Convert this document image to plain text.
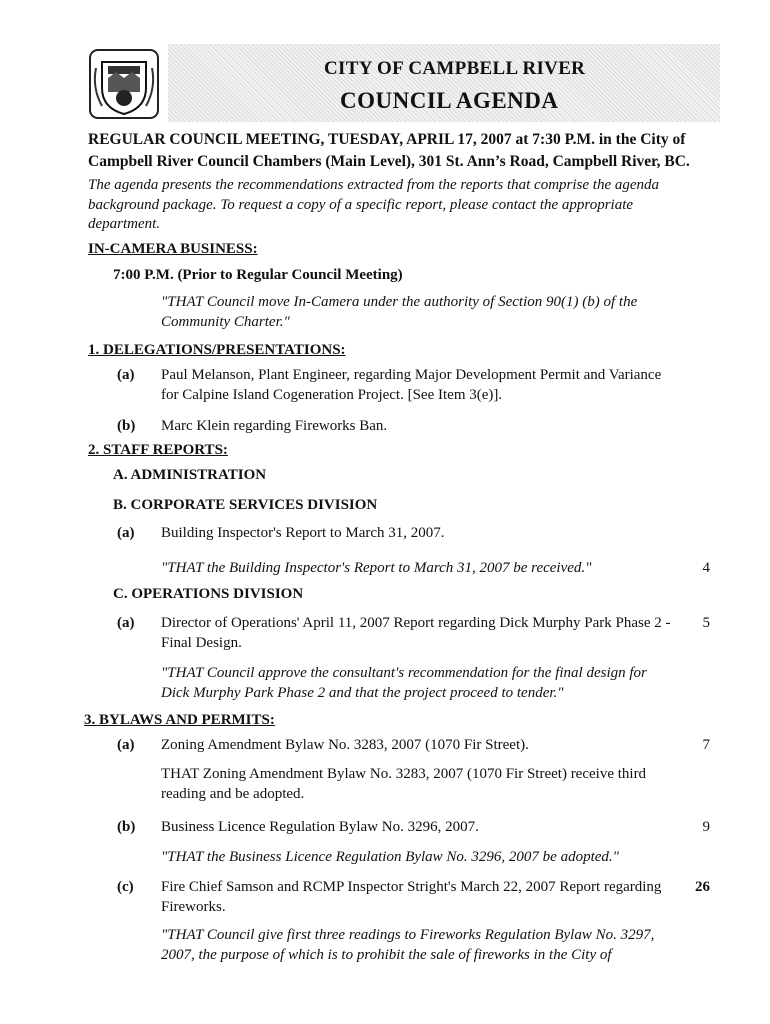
CITY OF CAMPBELL RIVER
COUNCIL AGENDA
REGULAR COUNCIL MEETING, TUESDAY, APRIL 17, 2007 at 7:30 P.M. in the City of
Campbell River Council Chambers (Main Level), 301 St. Ann’s Road, Campbell River, BC.
The agenda presents the recommendations extracted from the reports that comprise the agenda
background package. To request a copy of a specific report, please contact the appropriate
department.
IN-CAMERA BUSINESS:
7:00 P.M. (Prior to Regular Council Meeting)
"THAT Council move In-Camera under the authority of Section 90(1) (b) of the
Community Charter."
1. DELEGATIONS/PRESENTATIONS:
(a) Paul Melanson, Plant Engineer, regarding Major Development Permit and Variance
for Calpine Island Cogeneration Project. [See Item 3(e)].
(b) Marc Klein regarding Fireworks Ban.
2. STAFF REPORTS:
A. ADMINISTRATION
B. CORPORATE SERVICES DIVISION
(a) Building Inspector's Report to March 31, 2007.
"THAT the Building Inspector's Report to March 31, 2007 be received."	4
C. OPERATIONS DIVISION
(a) Director of Operations' April 11, 2007 Report regarding Dick Murphy Park Phase 2 -	5
Final Design.
"THAT Council approve the consultant's recommendation for the final design for
Dick Murphy Park Phase 2 and that the project proceed to tender."
3. BYLAWS AND PERMITS:
(a) Zoning Amendment Bylaw No. 3283, 2007 (1070 Fir Street).	7
THAT Zoning Amendment Bylaw No. 3283, 2007 (1070 Fir Street) receive third
reading and be adopted.
(b) Business Licence Regulation Bylaw No. 3296, 2007.	9
"THAT the Business Licence Regulation Bylaw No. 3296, 2007 be adopted."
(c) Fire Chief Samson and RCMP Inspector Stright's March 22, 2007 Report regarding	26
Fireworks.
"THAT Council give first three readings to Fireworks Regulation Bylaw No. 3297,
2007, the purpose of which is to prohibit the sale of fireworks in the City of
